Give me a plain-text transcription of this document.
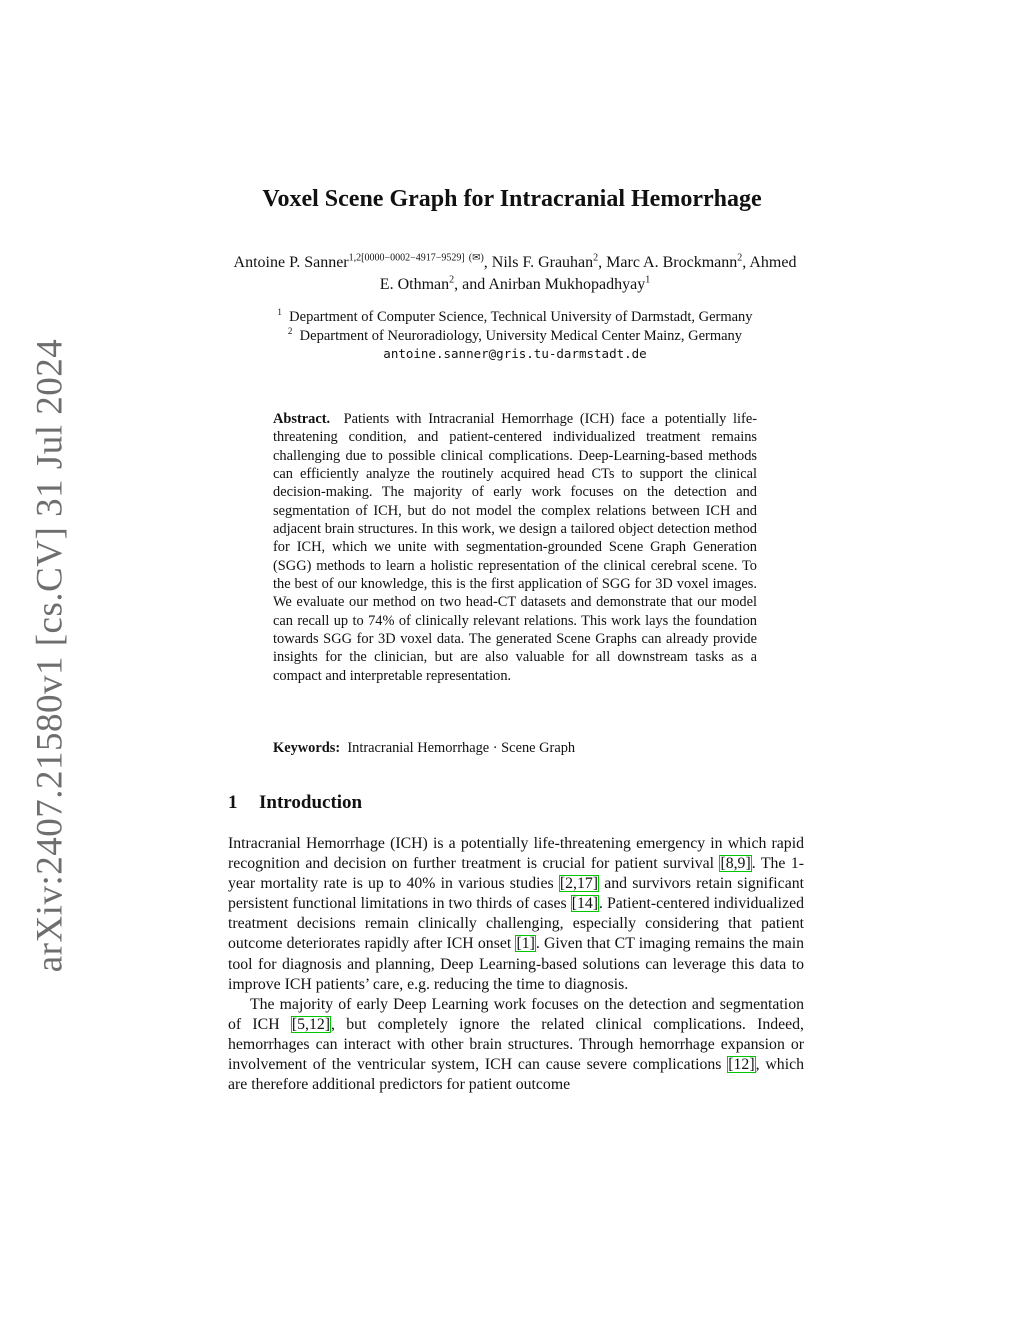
arXiv:2407.21580v1 [cs.CV] 31 Jul 2024
Voxel Scene Graph for Intracranial Hemorrhage
Antoine P. Sanner$^{1,2[0000-0002-4917-9529]}$ (✉), Nils F. Grauhan$^2$, Marc A. Brockmann$^2$, Ahmed E. Othman$^2$, and Anirban Mukhopadhyay$^1$
$^1$ Department of Computer Science, Technical University of Darmstadt, Germany
$^2$ Department of Neuroradiology, University Medical Center Mainz, Germany
antoine.sanner@gris.tu-darmstadt.de
Abstract. Patients with Intracranial Hemorrhage (ICH) face a potentially life-threatening condition, and patient-centered individualized treatment remains challenging due to possible clinical complications. Deep-Learning-based methods can efficiently analyze the routinely acquired head CTs to support the clinical decision-making. The majority of early work focuses on the detection and segmentation of ICH, but do not model the complex relations between ICH and adjacent brain structures. In this work, we design a tailored object detection method for ICH, which we unite with segmentation-grounded Scene Graph Generation (SGG) methods to learn a holistic representation of the clinical cerebral scene. To the best of our knowledge, this is the first application of SGG for 3D voxel images. We evaluate our method on two head-CT datasets and demonstrate that our model can recall up to 74% of clinically relevant relations. This work lays the foundation towards SGG for 3D voxel data. The generated Scene Graphs can already provide insights for the clinician, but are also valuable for all downstream tasks as a compact and interpretable representation.
Keywords: Intracranial Hemorrhage · Scene Graph
1 Introduction

Intracranial Hemorrhage (ICH) is a potentially life-threatening emergency in which rapid recognition and decision on further treatment is crucial for patient survival [8,9]. The 1-year mortality rate is up to 40% in various studies [2,17] and survivors retain significant persistent functional limitations in two thirds of cases [14]. Patient-centered individualized treatment decisions remain clinically challenging, especially considering that patient outcome deteriorates rapidly after ICH onset [1]. Given that CT imaging remains the main tool for diagnosis and planning, Deep Learning-based solutions can leverage this data to improve ICH patients’ care, e.g. reducing the time to diagnosis.

The majority of early Deep Learning work focuses on the detection and segmentation of ICH [5,12], but completely ignore the related clinical complications. Indeed, hemorrhages can interact with other brain structures. Through hemorrhage expansion or involvement of the ventricular system, ICH can cause severe complications [12], which are therefore additional predictors for patient outcome
